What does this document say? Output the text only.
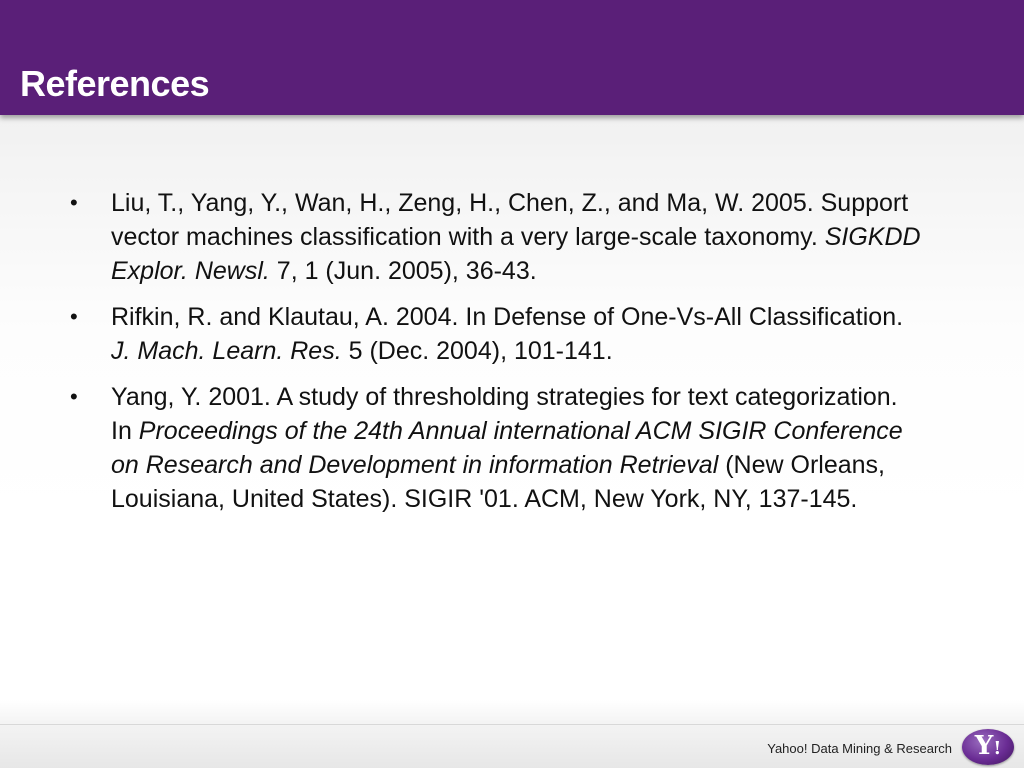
References
• Liu, T., Yang, Y., Wan, H., Zeng, H., Chen, Z., and Ma, W. 2005. Support vector machines classification with a very large-scale taxonomy. SIGKDD Explor. Newsl. 7, 1 (Jun. 2005), 36-43.
• Rifkin, R. and Klautau, A. 2004. In Defense of One-Vs-All Classification. J. Mach. Learn. Res. 5 (Dec. 2004), 101-141.
• Yang, Y. 2001. A study of thresholding strategies for text categorization. In Proceedings of the 24th Annual international ACM SIGIR Conference on Research and Development in information Retrieval (New Orleans, Louisiana, United States). SIGIR '01. ACM, New York, NY, 137-145.
Yahoo! Data Mining & Research Y!
